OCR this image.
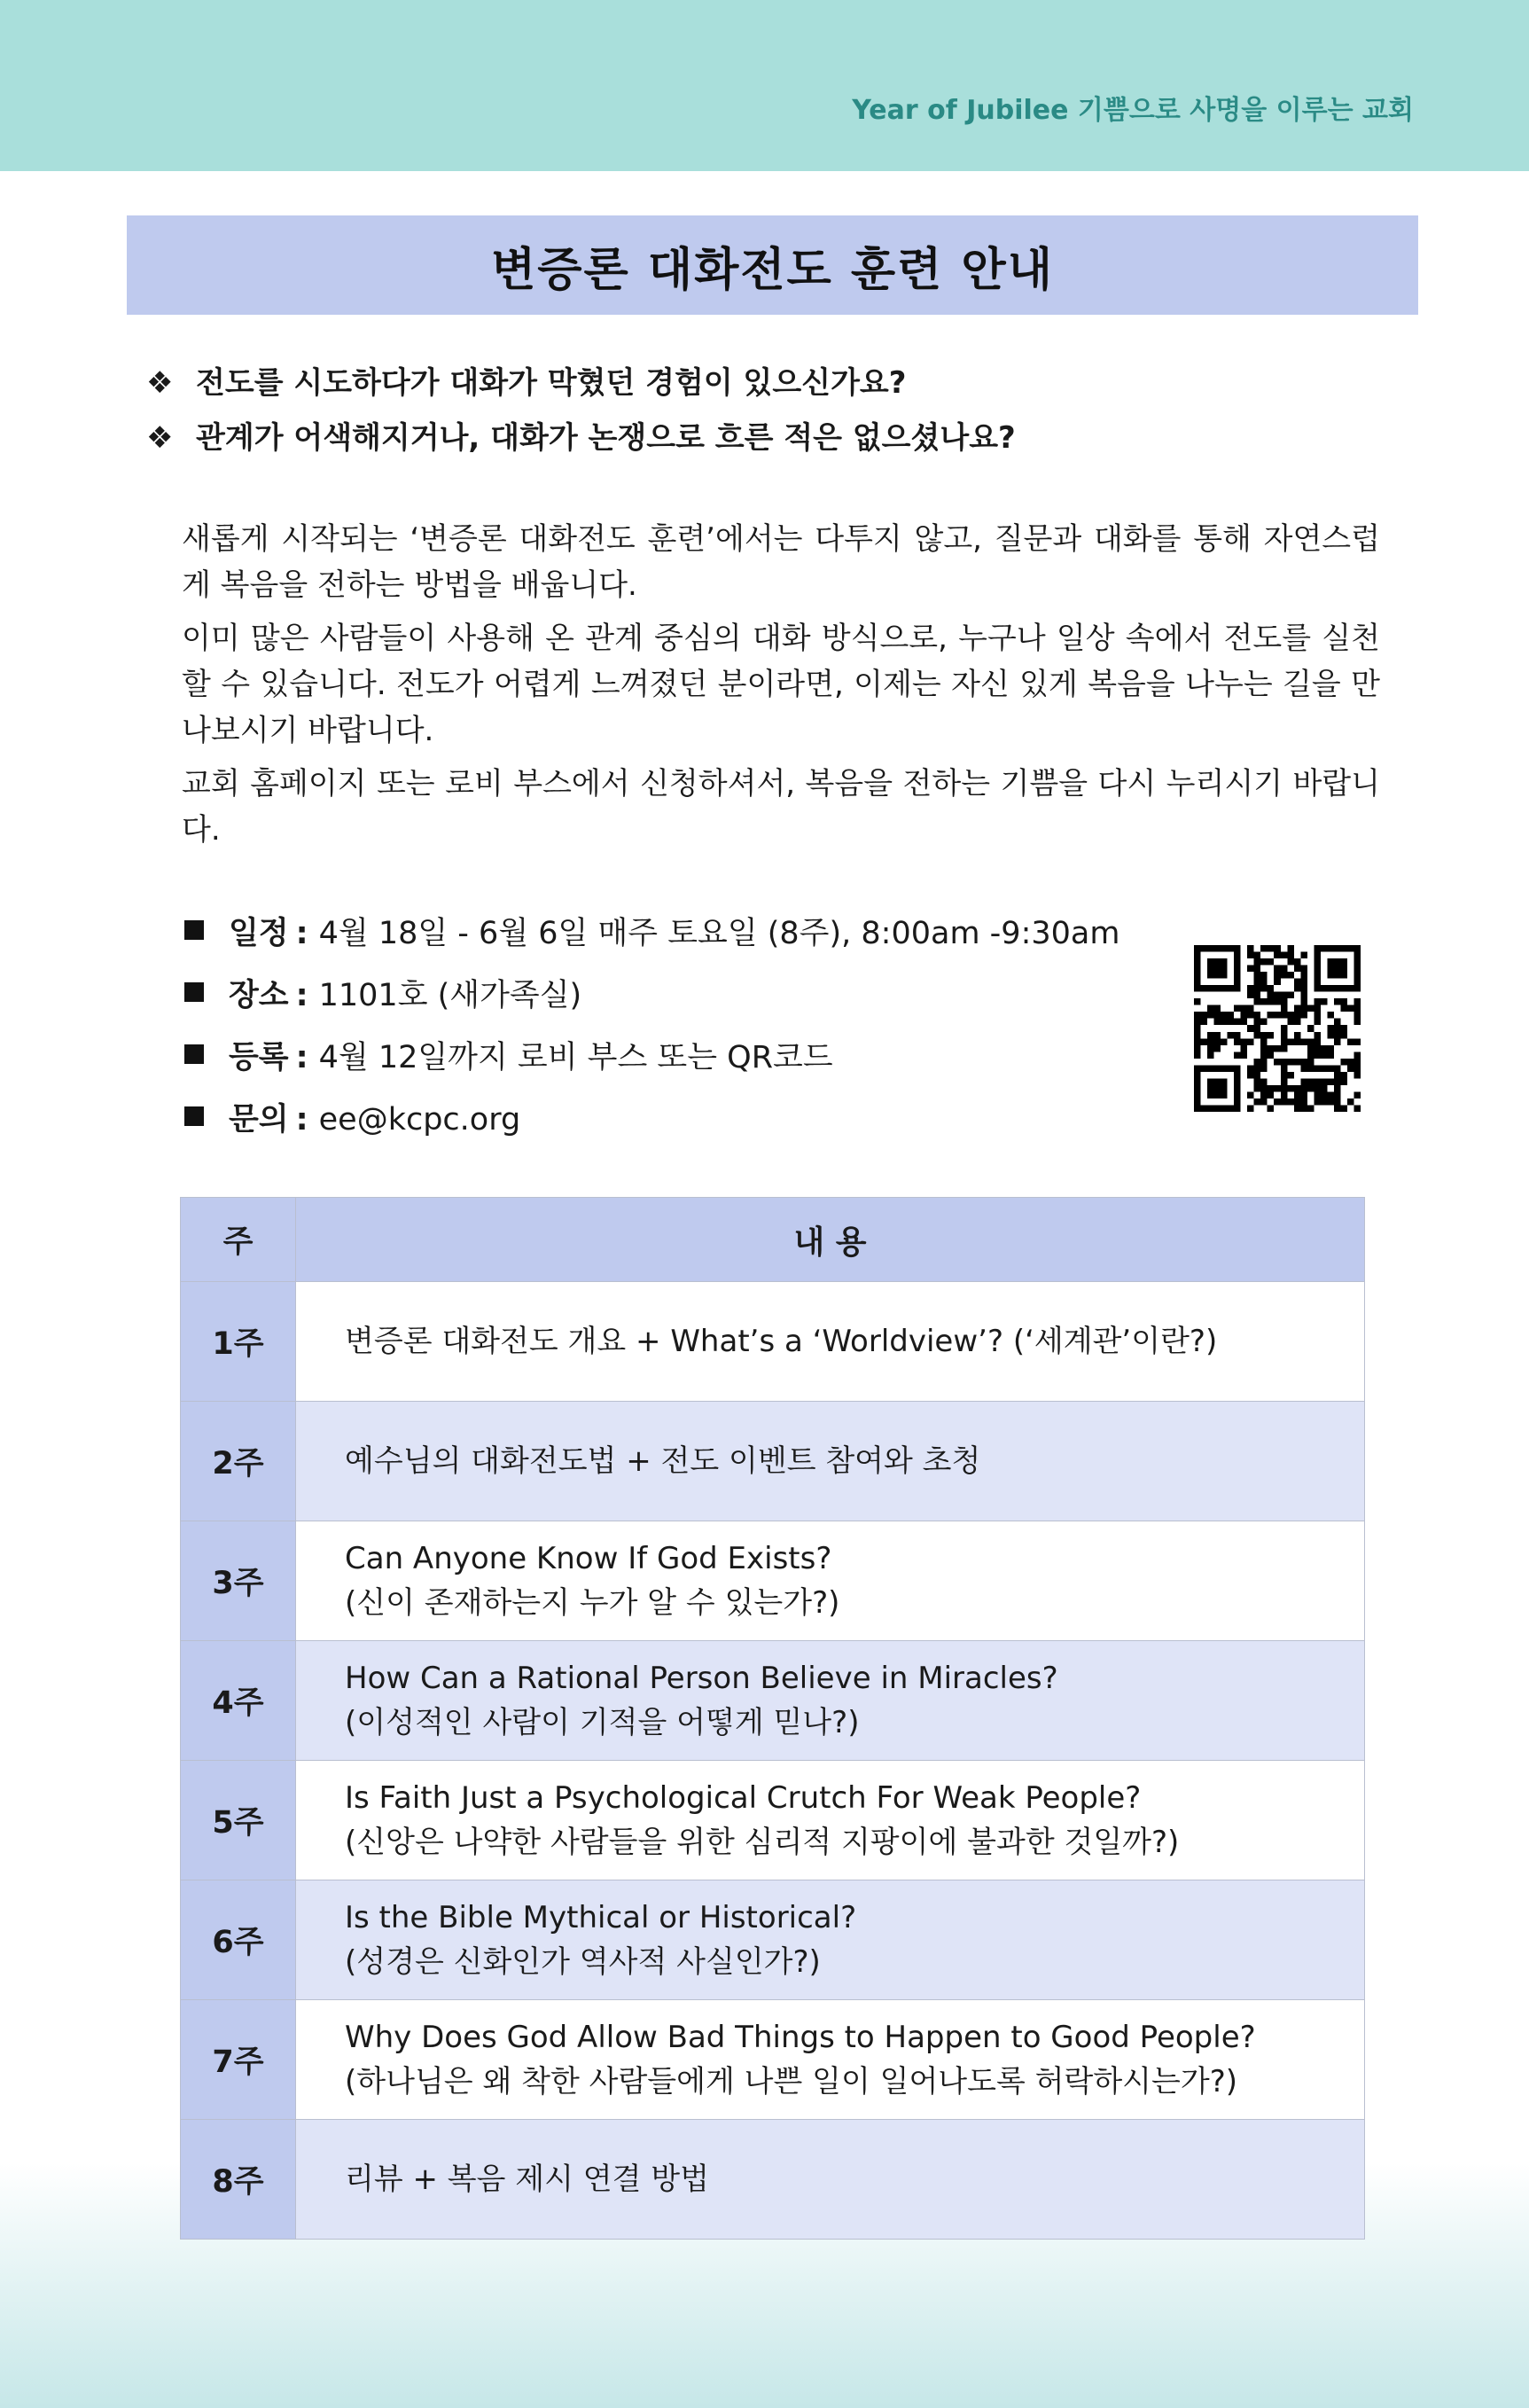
Year of Jubilee 기쁨으로 사명을 이루는 교회
변증론 대화전도 훈련 안내
❖ 전도를 시도하다가 대화가 막혔던 경험이 있으신가요?
❖ 관계가 어색해지거나, 대화가 논쟁으로 흐른 적은 없으셨나요?

새롭게 시작되는 ‘변증론 대화전도 훈련’에서는 다투지 않고, 질문과 대화를 통해 자연스럽게 복음을 전하는 방법을 배웁니다.

이미 많은 사람들이 사용해 온 관계 중심의 대화 방식으로, 누구나 일상 속에서 전도를 실천할 수 있습니다. 전도가 어렵게 느껴졌던 분이라면, 이제는 자신 있게 복음을 나누는 길을 만나보시기 바랍니다.

교회 홈페이지 또는 로비 부스에서 신청하셔서, 복음을 전하는 기쁨을 다시 누리시기 바랍니다.

일정 : 4월 18일 - 6월 6일 매주 토요일 (8주), 8:00am -9:30am
장소 : 1101호 (새가족실)
등록 : 4월 12일까지 로비 부스 또는 QR코드
문의 : ee@kcpc.org
주	내 용
1주	변증론 대화전도 개요 + What’s a ‘Worldview’? (‘세계관’이란?)

2주	예수님의 대화전도법 + 전도 이벤트 참여와 초청

3주	Can Anyone Know If God Exists?
(신이 존재하는지 누가 알 수 있는가?)

4주	How Can a Rational Person Believe in Miracles?
(이성적인 사람이 기적을 어떻게 믿나?)

5주	Is Faith Just a Psychological Crutch For Weak People?
(신앙은 나약한 사람들을 위한 심리적 지팡이에 불과한 것일까?)

6주	Is the Bible Mythical or Historical?
(성경은 신화인가 역사적 사실인가?)

7주	Why Does God Allow Bad Things to Happen to Good People?
(하나님은 왜 착한 사람들에게 나쁜 일이 일어나도록 허락하시는가?)

8주	리뷰 + 복음 제시 연결 방법
